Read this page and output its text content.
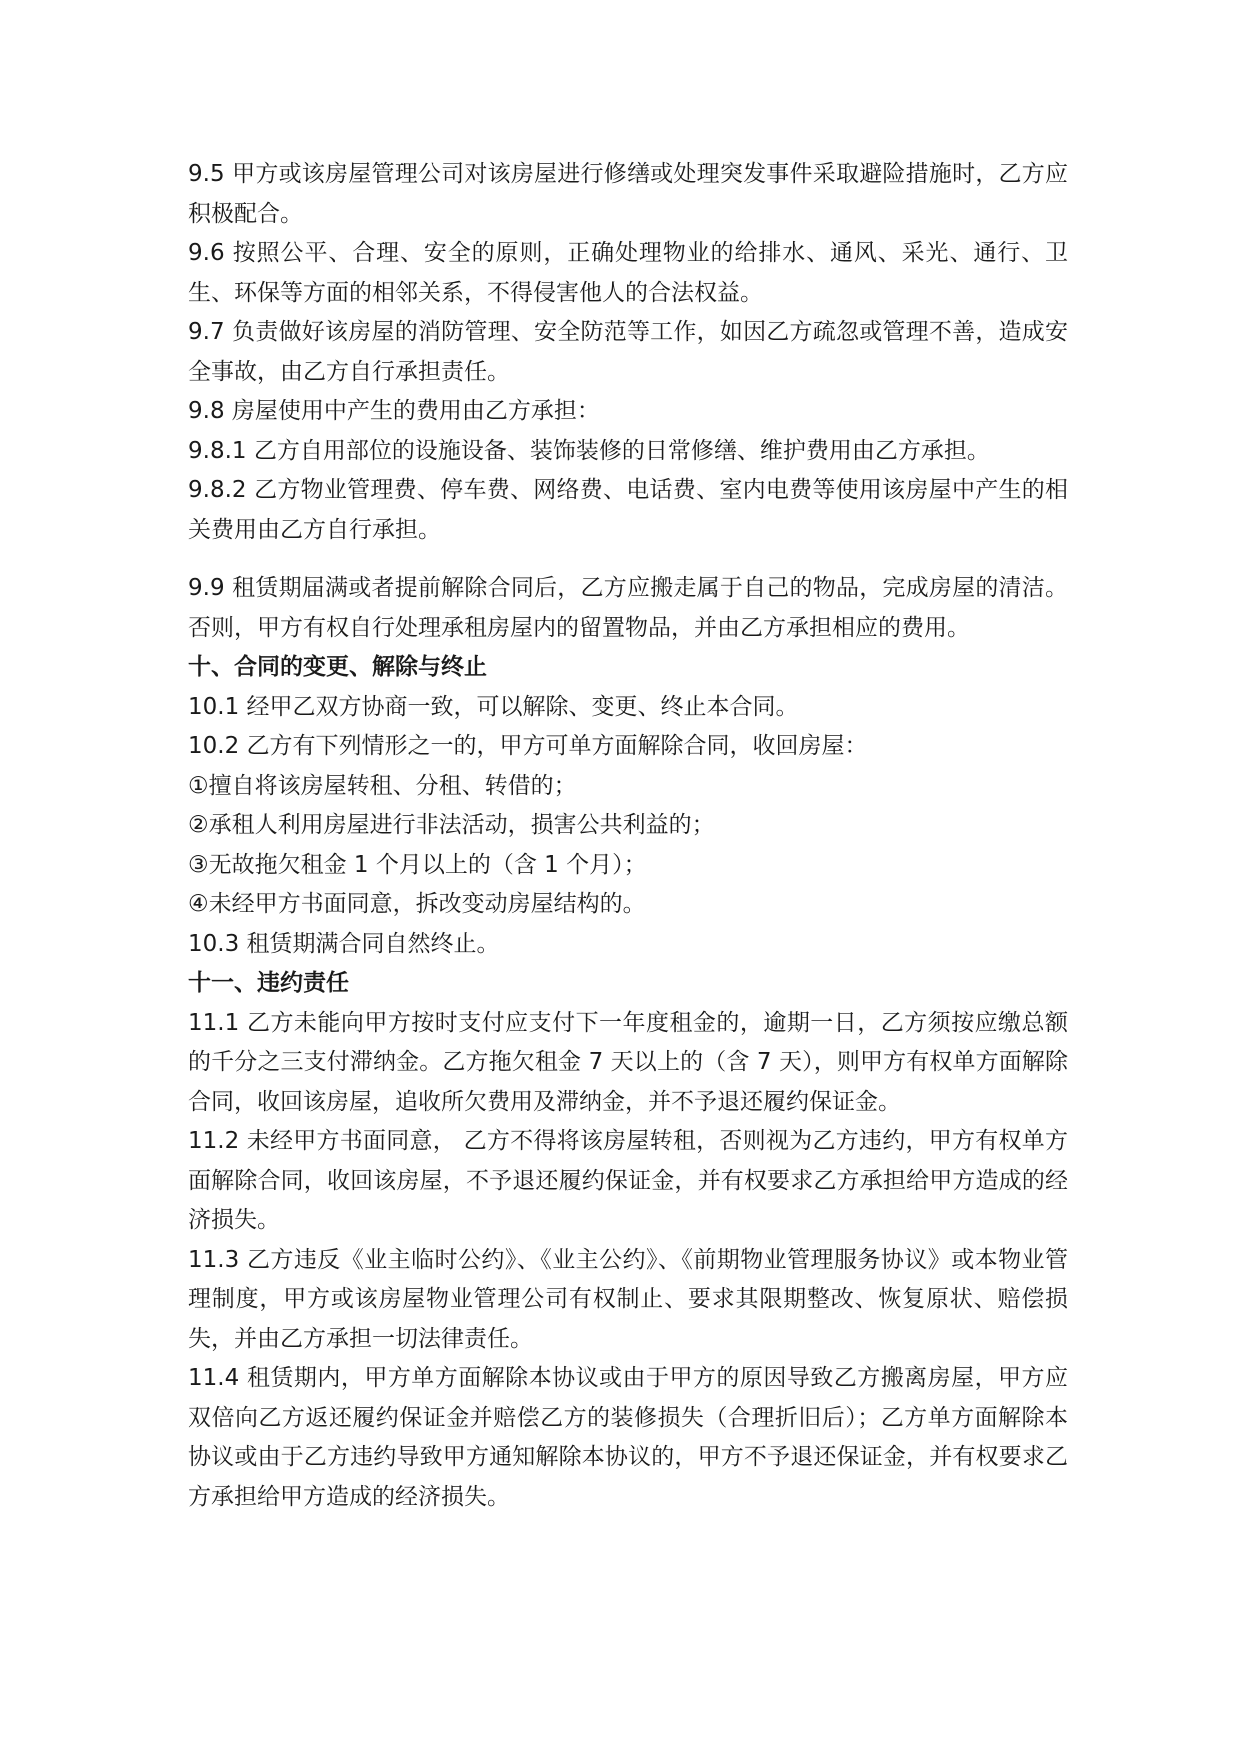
9.5 甲方或该房屋管理公司对该房屋进行修缮或处理突发事件采取避险措施时，乙方应积极配合。

9.6 按照公平、合理、安全的原则，正确处理物业的给排水、通风、采光、通行、卫生、环保等方面的相邻关系，不得侵害他人的合法权益。

9.7 负责做好该房屋的消防管理、安全防范等工作，如因乙方疏忽或管理不善，造成安全事故，由乙方自行承担责任。

9.8 房屋使用中产生的费用由乙方承担：

9.8.1 乙方自用部位的设施设备、装饰装修的日常修缮、维护费用由乙方承担。

9.8.2 乙方物业管理费、停车费、网络费、电话费、室内电费等使用该房屋中产生的相关费用由乙方自行承担。

9.9 租赁期届满或者提前解除合同后，乙方应搬走属于自己的物品，完成房屋的清洁。否则，甲方有权自行处理承租房屋内的留置物品，并由乙方承担相应的费用。

十、合同的变更、解除与终止

10.1 经甲乙双方协商一致，可以解除、变更、终止本合同。

10.2 乙方有下列情形之一的，甲方可单方面解除合同，收回房屋：

①擅自将该房屋转租、分租、转借的；

②承租人利用房屋进行非法活动，损害公共利益的；

③无故拖欠租金 1 个月以上的（含 1 个月）；

④未经甲方书面同意，拆改变动房屋结构的。

10.3 租赁期满合同自然终止。

十一、违约责任

11.1 乙方未能向甲方按时支付应支付下一年度租金的，逾期一日，乙方须按应缴总额的千分之三支付滞纳金。乙方拖欠租金 7 天以上的（含 7 天），则甲方有权单方面解除合同，收回该房屋，追收所欠费用及滞纳金，并不予退还履约保证金。

11.2 未经甲方书面同意， 乙方不得将该房屋转租，否则视为乙方违约，甲方有权单方面解除合同，收回该房屋，不予退还履约保证金，并有权要求乙方承担给甲方造成的经济损失。

11.3 乙方违反《业主临时公约》、《业主公约》、《前期物业管理服务协议》或本物业管理制度，甲方或该房屋物业管理公司有权制止、要求其限期整改、恢复原状、赔偿损失，并由乙方承担一切法律责任。

11.4 租赁期内，甲方单方面解除本协议或由于甲方的原因导致乙方搬离房屋，甲方应双倍向乙方返还履约保证金并赔偿乙方的装修损失（合理折旧后）；乙方单方面解除本协议或由于乙方违约导致甲方通知解除本协议的，甲方不予退还保证金，并有权要求乙方承担给甲方造成的经济损失。
